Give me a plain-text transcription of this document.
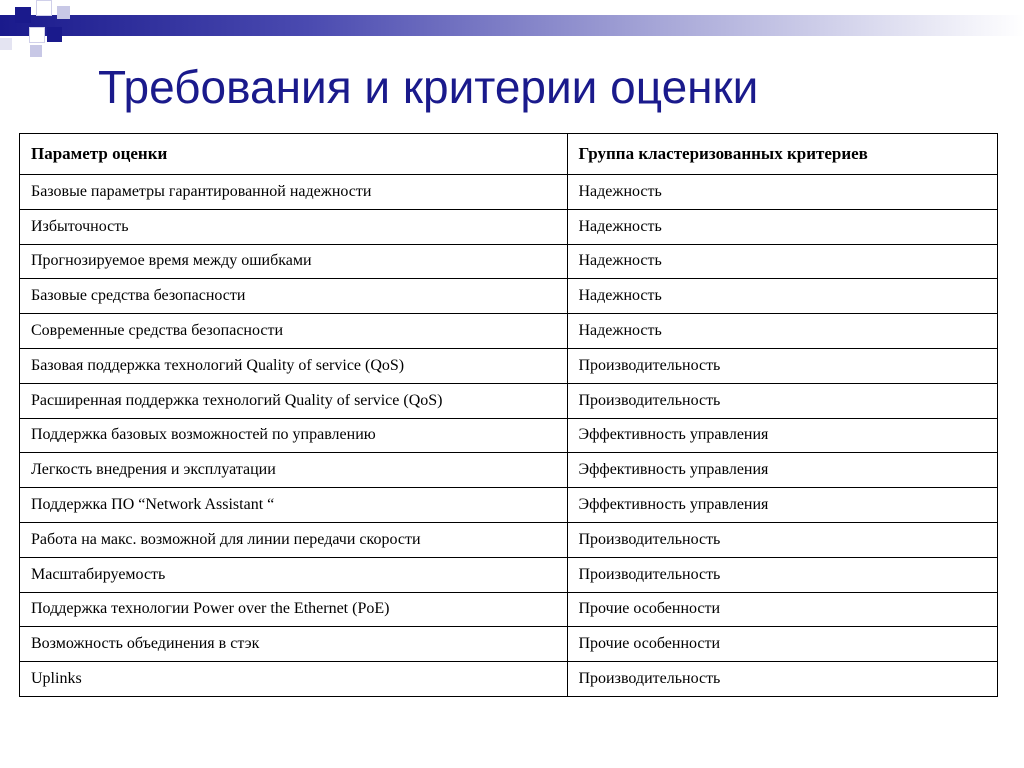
Требования и критерии оценки
Параметр оценки	Группа кластеризованных критериев
Базовые параметры гарантированной надежности	Надежность
Избыточность	Надежность
Прогнозируемое время между ошибками	Надежность
Базовые средства безопасности	Надежность
Современные средства безопасности	Надежность
Базовая поддержка технологий Quality of service (QoS)	Производительность
Расширенная поддержка технологий Quality of service (QoS)	Производительность
Поддержка базовых возможностей по управлению	Эффективность управления
Легкость внедрения и эксплуатации	Эффективность управления
Поддержка ПО “Network Assistant “	Эффективность управления
Работа на макс. возможной для линии передачи скорости	Производительность
Масштабируемость	Производительность
Поддержка технологии Power over the Ethernet (PoE)	Прочие особенности
Возможность объединения в стэк	Прочие особенности
Uplinks	Производительность
